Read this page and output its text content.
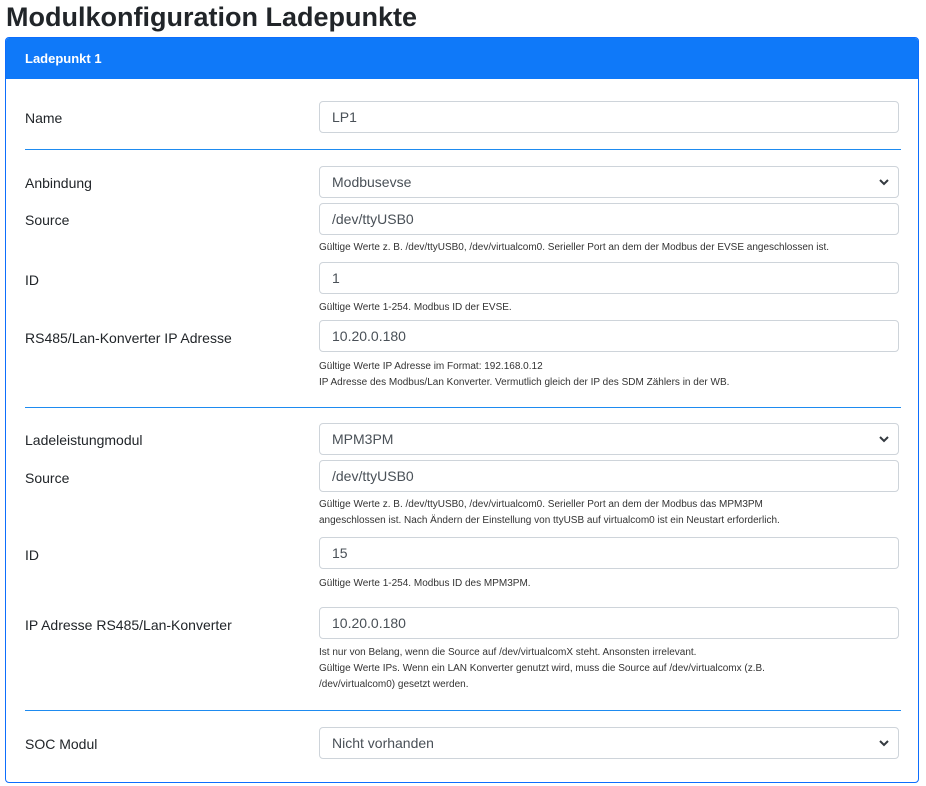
Modulkonfiguration Ladepunkte
Ladepunkt 1
Name	LP1
Anbindung	Modbusevse
Source	/dev/ttyUSB0
Gültige Werte z. B. /dev/ttyUSB0, /dev/virtualcom0. Serieller Port an dem der Modbus der EVSE angeschlossen ist.
ID	1
Gültige Werte 1-254. Modbus ID der EVSE.
RS485/Lan-Konverter IP Adresse	10.20.0.180
Gültige Werte IP Adresse im Format: 192.168.0.12
IP Adresse des Modbus/Lan Konverter. Vermutlich gleich der IP des SDM Zählers in der WB.
Ladeleistungmodul	MPM3PM
Source	/dev/ttyUSB0
Gültige Werte z. B. /dev/ttyUSB0, /dev/virtualcom0. Serieller Port an dem der Modbus das MPM3PM
angeschlossen ist. Nach Ändern der Einstellung von ttyUSB auf virtualcom0 ist ein Neustart erforderlich.
ID	15
Gültige Werte 1-254. Modbus ID des MPM3PM.
IP Adresse RS485/Lan-Konverter	10.20.0.180
Ist nur von Belang, wenn die Source auf /dev/virtualcomX steht. Ansonsten irrelevant.
Gültige Werte IPs. Wenn ein LAN Konverter genutzt wird, muss die Source auf /dev/virtualcomx (z.B.
/dev/virtualcom0) gesetzt werden.
SOC Modul	Nicht vorhanden
